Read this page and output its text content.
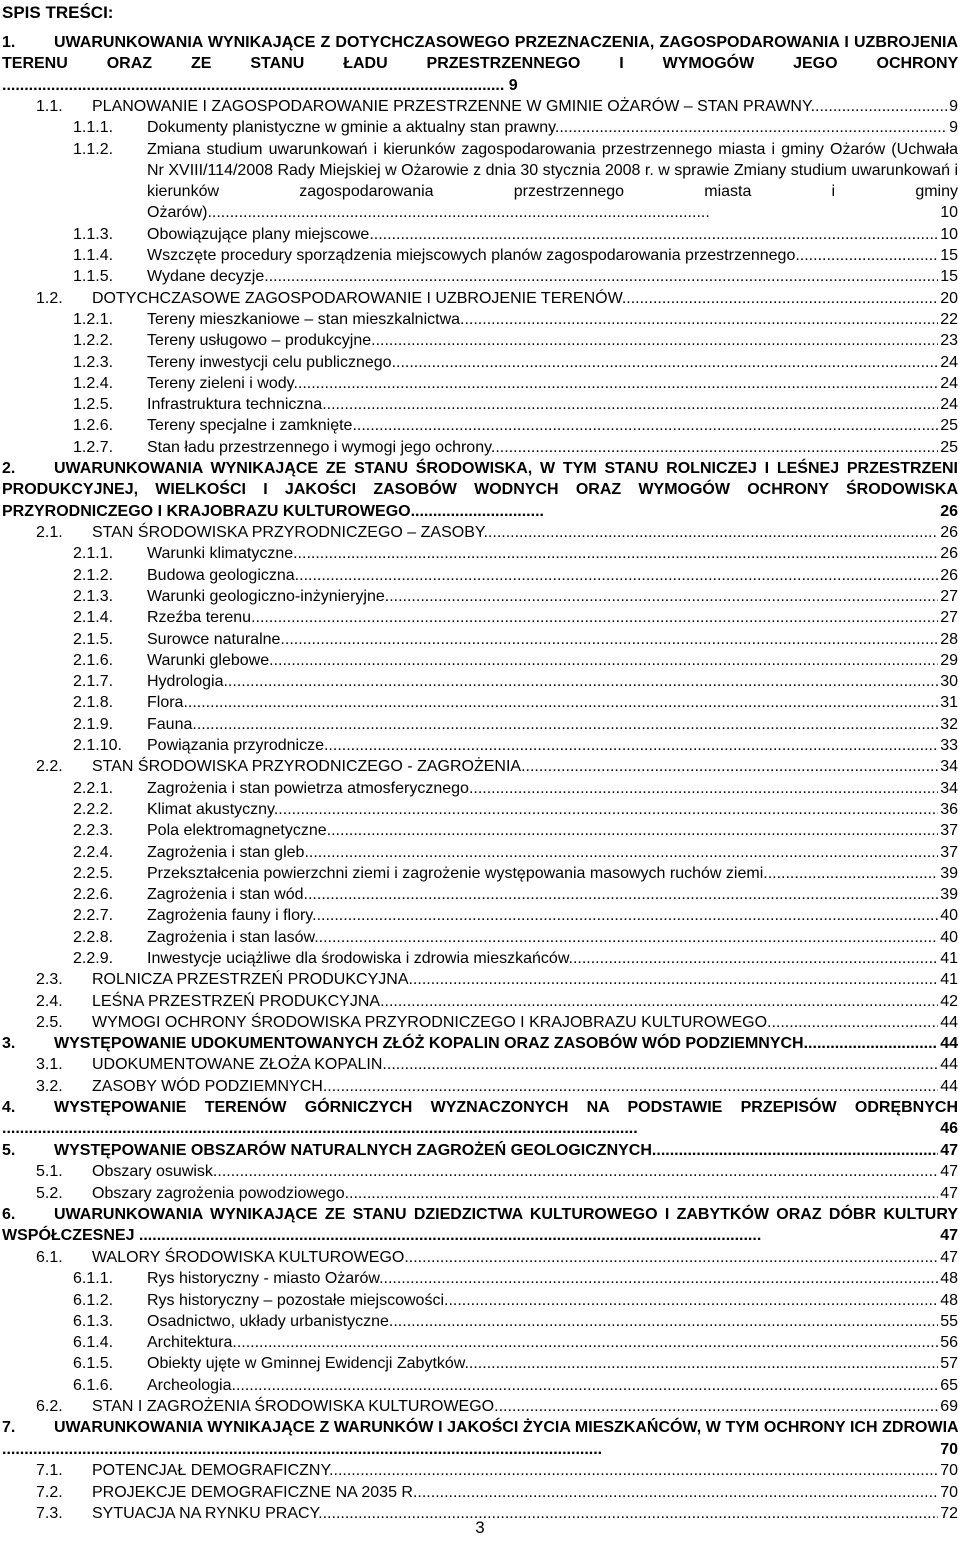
SPIS TREŚCI:
1. UWARUNKOWANIA WYNIKAJĄCE Z DOTYCHCZASOWEGO PRZEZNACZENIA, ZAGOSPODAROWANIA I UZBROJENIA TERENU ORAZ ZE STANU ŁADU PRZESTRZENNEGO I WYMOGÓW JEGO OCHRONY ................................................................................................................. 9
1.1.	PLANOWANIE I ZAGOSPODAROWANIE PRZESTRZENNE W GMINIE OŻARÓW – STAN PRAWNY .....	9
1.1.1.	Dokumenty planistyczne w gminie a aktualny stan prawny .....	9
1.1.2.	Zmiana studium uwarunkowań i kierunków zagospodarowania przestrzennego miasta i gminy Ożarów (Uchwała Nr XVIII/114/2008 Rady Miejskiej w Ożarowie z dnia 30 stycznia 2008 r. w sprawie Zmiany studium uwarunkowań i kierunków zagospodarowania przestrzennego miasta i gminy Ożarów).................................................................................................................	10
1.1.3.	Obowiązujące plany miejscowe .....	10
1.1.4.	Wszczęte procedury sporządzenia miejscowych planów zagospodarowania przestrzennego .....	15
1.1.5.	Wydane decyzje .....	15
1.2.	DOTYCHCZASOWE ZAGOSPODAROWANIE I UZBROJENIE TERENÓW .....	20
1.2.1.	Tereny mieszkaniowe – stan mieszkalnictwa .....	22
1.2.2.	Tereny usługowo – produkcyjne .....	23
1.2.3.	Tereny inwestycji celu publicznego .....	24
1.2.4.	Tereny zieleni i wody .....	24
1.2.5.	Infrastruktura techniczna .....	24
1.2.6.	Tereny specjalne i zamknięte .....	25
1.2.7.	Stan ładu przestrzennego i wymogi jego ochrony .....	25
2. UWARUNKOWANIA WYNIKAJĄCE ZE STANU ŚRODOWISKA, W TYM STANU ROLNICZEJ I LEŚNEJ PRZESTRZENI PRODUKCYJNEJ, WIELKOŚCI I JAKOŚCI ZASOBÓW WODNYCH ORAZ WYMOGÓW OCHRONY ŚRODOWISKA PRZYRODNICZEGO I KRAJOBRAZU KULTUROWEGO..............................	26
2.1.	STAN ŚRODOWISKA PRZYRODNICZEGO – ZASOBY .....	26
2.1.1.	Warunki klimatyczne .....	26
2.1.2.	Budowa geologiczna .....	26
2.1.3.	Warunki geologiczno-inżynieryjne .....	27
2.1.4.	Rzeźba terenu .....	27
2.1.5.	Surowce naturalne .....	28
2.1.6.	Warunki glebowe .....	29
2.1.7.	Hydrologia .....	30
2.1.8.	Flora .....	31
2.1.9.	Fauna .....	32
2.1.10.	Powiązania przyrodnicze .....	33
2.2.	STAN ŚRODOWISKA PRZYRODNICZEGO - ZAGROŻENIA .....	34
2.2.1.	Zagrożenia i stan powietrza atmosferycznego .....	34
2.2.2.	Klimat akustyczny .....	36
2.2.3.	Pola elektromagnetyczne .....	37
2.2.4.	Zagrożenia i stan gleb .....	37
2.2.5.	Przekształcenia powierzchni ziemi i zagrożenie występowania masowych ruchów ziemi .....	39
2.2.6.	Zagrożenia i stan wód .....	39
2.2.7.	Zagrożenia fauny i flory .....	40
2.2.8.	Zagrożenia i stan lasów .....	40
2.2.9.	Inwestycje uciążliwe dla środowiska i zdrowia mieszkańców .....	41
2.3.	ROLNICZA PRZESTRZEŃ PRODUKCYJNA .....	41
2.4.	LEŚNA PRZESTRZEŃ PRODUKCYJNA .....	42
2.5.	WYMOGI OCHRONY ŚRODOWISKA PRZYRODNICZEGO I KRAJOBRAZU KULTUROWEGO .....	44
3.	WYSTĘPOWANIE UDOKUMENTOWANYCH ZŁÓŻ KOPALIN ORAZ ZASOBÓW WÓD PODZIEMNYCH .....	44
3.1.	UDOKUMENTOWANE ZŁOŻA KOPALIN .....	44
3.2.	ZASOBY WÓD PODZIEMNYCH .....	44
4. WYSTĘPOWANIE TERENÓW GÓRNICZYCH WYZNACZONYCH NA PODSTAWIE PRZEPISÓW ODRĘBNYCH ...............................................................................................................................................	46
5.	WYSTĘPOWANIE OBSZARÓW NATURALNYCH ZAGROŻEŃ GEOLOGICZNYCH .....	47
5.1.	Obszary osuwisk .....	47
5.2.	Obszary zagrożenia powodziowego .....	47
6. UWARUNKOWANIA WYNIKAJĄCE ZE STANU DZIEDZICTWA KULTUROWEGO I ZABYTKÓW ORAZ DÓBR KULTURY WSPÓŁCZESNEJ ............................................................................................................................................	47
6.1.	WALORY ŚRODOWISKA KULTUROWEGO .....	47
6.1.1.	Rys historyczny - miasto Ożarów .....	48
6.1.2.	Rys historyczny – pozostałe miejscowości .....	48
6.1.3.	Osadnictwo, układy urbanistyczne .....	55
6.1.4.	Architektura .....	56
6.1.5.	Obiekty ujęte w Gminnej Ewidencji Zabytków .....	57
6.1.6.	Archeologia .....	65
6.2.	STAN I ZAGROŻENIA ŚRODOWISKA KULTUROWEGO .....	69
7. UWARUNKOWANIA WYNIKAJĄCE Z WARUNKÓW I JAKOŚCI ŻYCIA MIESZKAŃCÓW, W TYM OCHRONY ICH ZDROWIA .......................................................................................................................................	70
7.1.	POTENCJAŁ DEMOGRAFICZNY .....	70
7.2.	PROJEKCJE DEMOGRAFICZNE NA 2035 R. .....	70
7.3.	SYTUACJA NA RYNKU PRACY .....	72
3
